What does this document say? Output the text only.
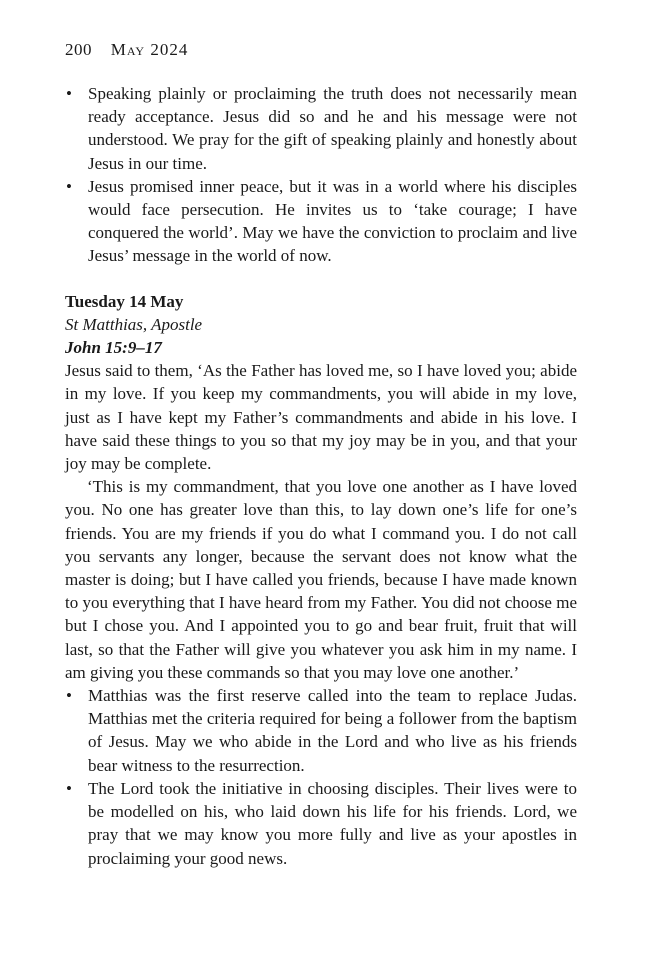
200 May 2024
• Speaking plainly or proclaiming the truth does not necessarily mean ready acceptance. Jesus did so and he and his message were not understood. We pray for the gift of speaking plainly and honestly about Jesus in our time.
• Jesus promised inner peace, but it was in a world where his disciples would face persecution. He invites us to ‘take courage; I have conquered the world’. May we have the conviction to proclaim and live Jesus’ message in the world of now.
Tuesday 14 May
St Matthias, Apostle
John 15:9–17

Jesus said to them, ‘As the Father has loved me, so I have loved you; abide in my love. If you keep my commandments, you will abide in my love, just as I have kept my Father’s commandments and abide in his love. I have said these things to you so that my joy may be in you, and that your joy may be complete.

‘This is my commandment, that you love one another as I have loved you. No one has greater love than this, to lay down one’s life for one’s friends. You are my friends if you do what I command you. I do not call you servants any longer, because the servant does not know what the master is doing; but I have called you friends, because I have made known to you everything that I have heard from my Father. You did not choose me but I chose you. And I appointed you to go and bear fruit, fruit that will last, so that the Father will give you whatever you ask him in my name. I am giving you these commands so that you may love one another.’

• Matthias was the first reserve called into the team to replace Judas. Matthias met the criteria required for being a follower from the baptism of Jesus. May we who abide in the Lord and who live as his friends bear witness to the resurrection.
• The Lord took the initiative in choosing disciples. Their lives were to be modelled on his, who laid down his life for his friends. Lord, we pray that we may know you more fully and live as your apostles in proclaiming your good news.
